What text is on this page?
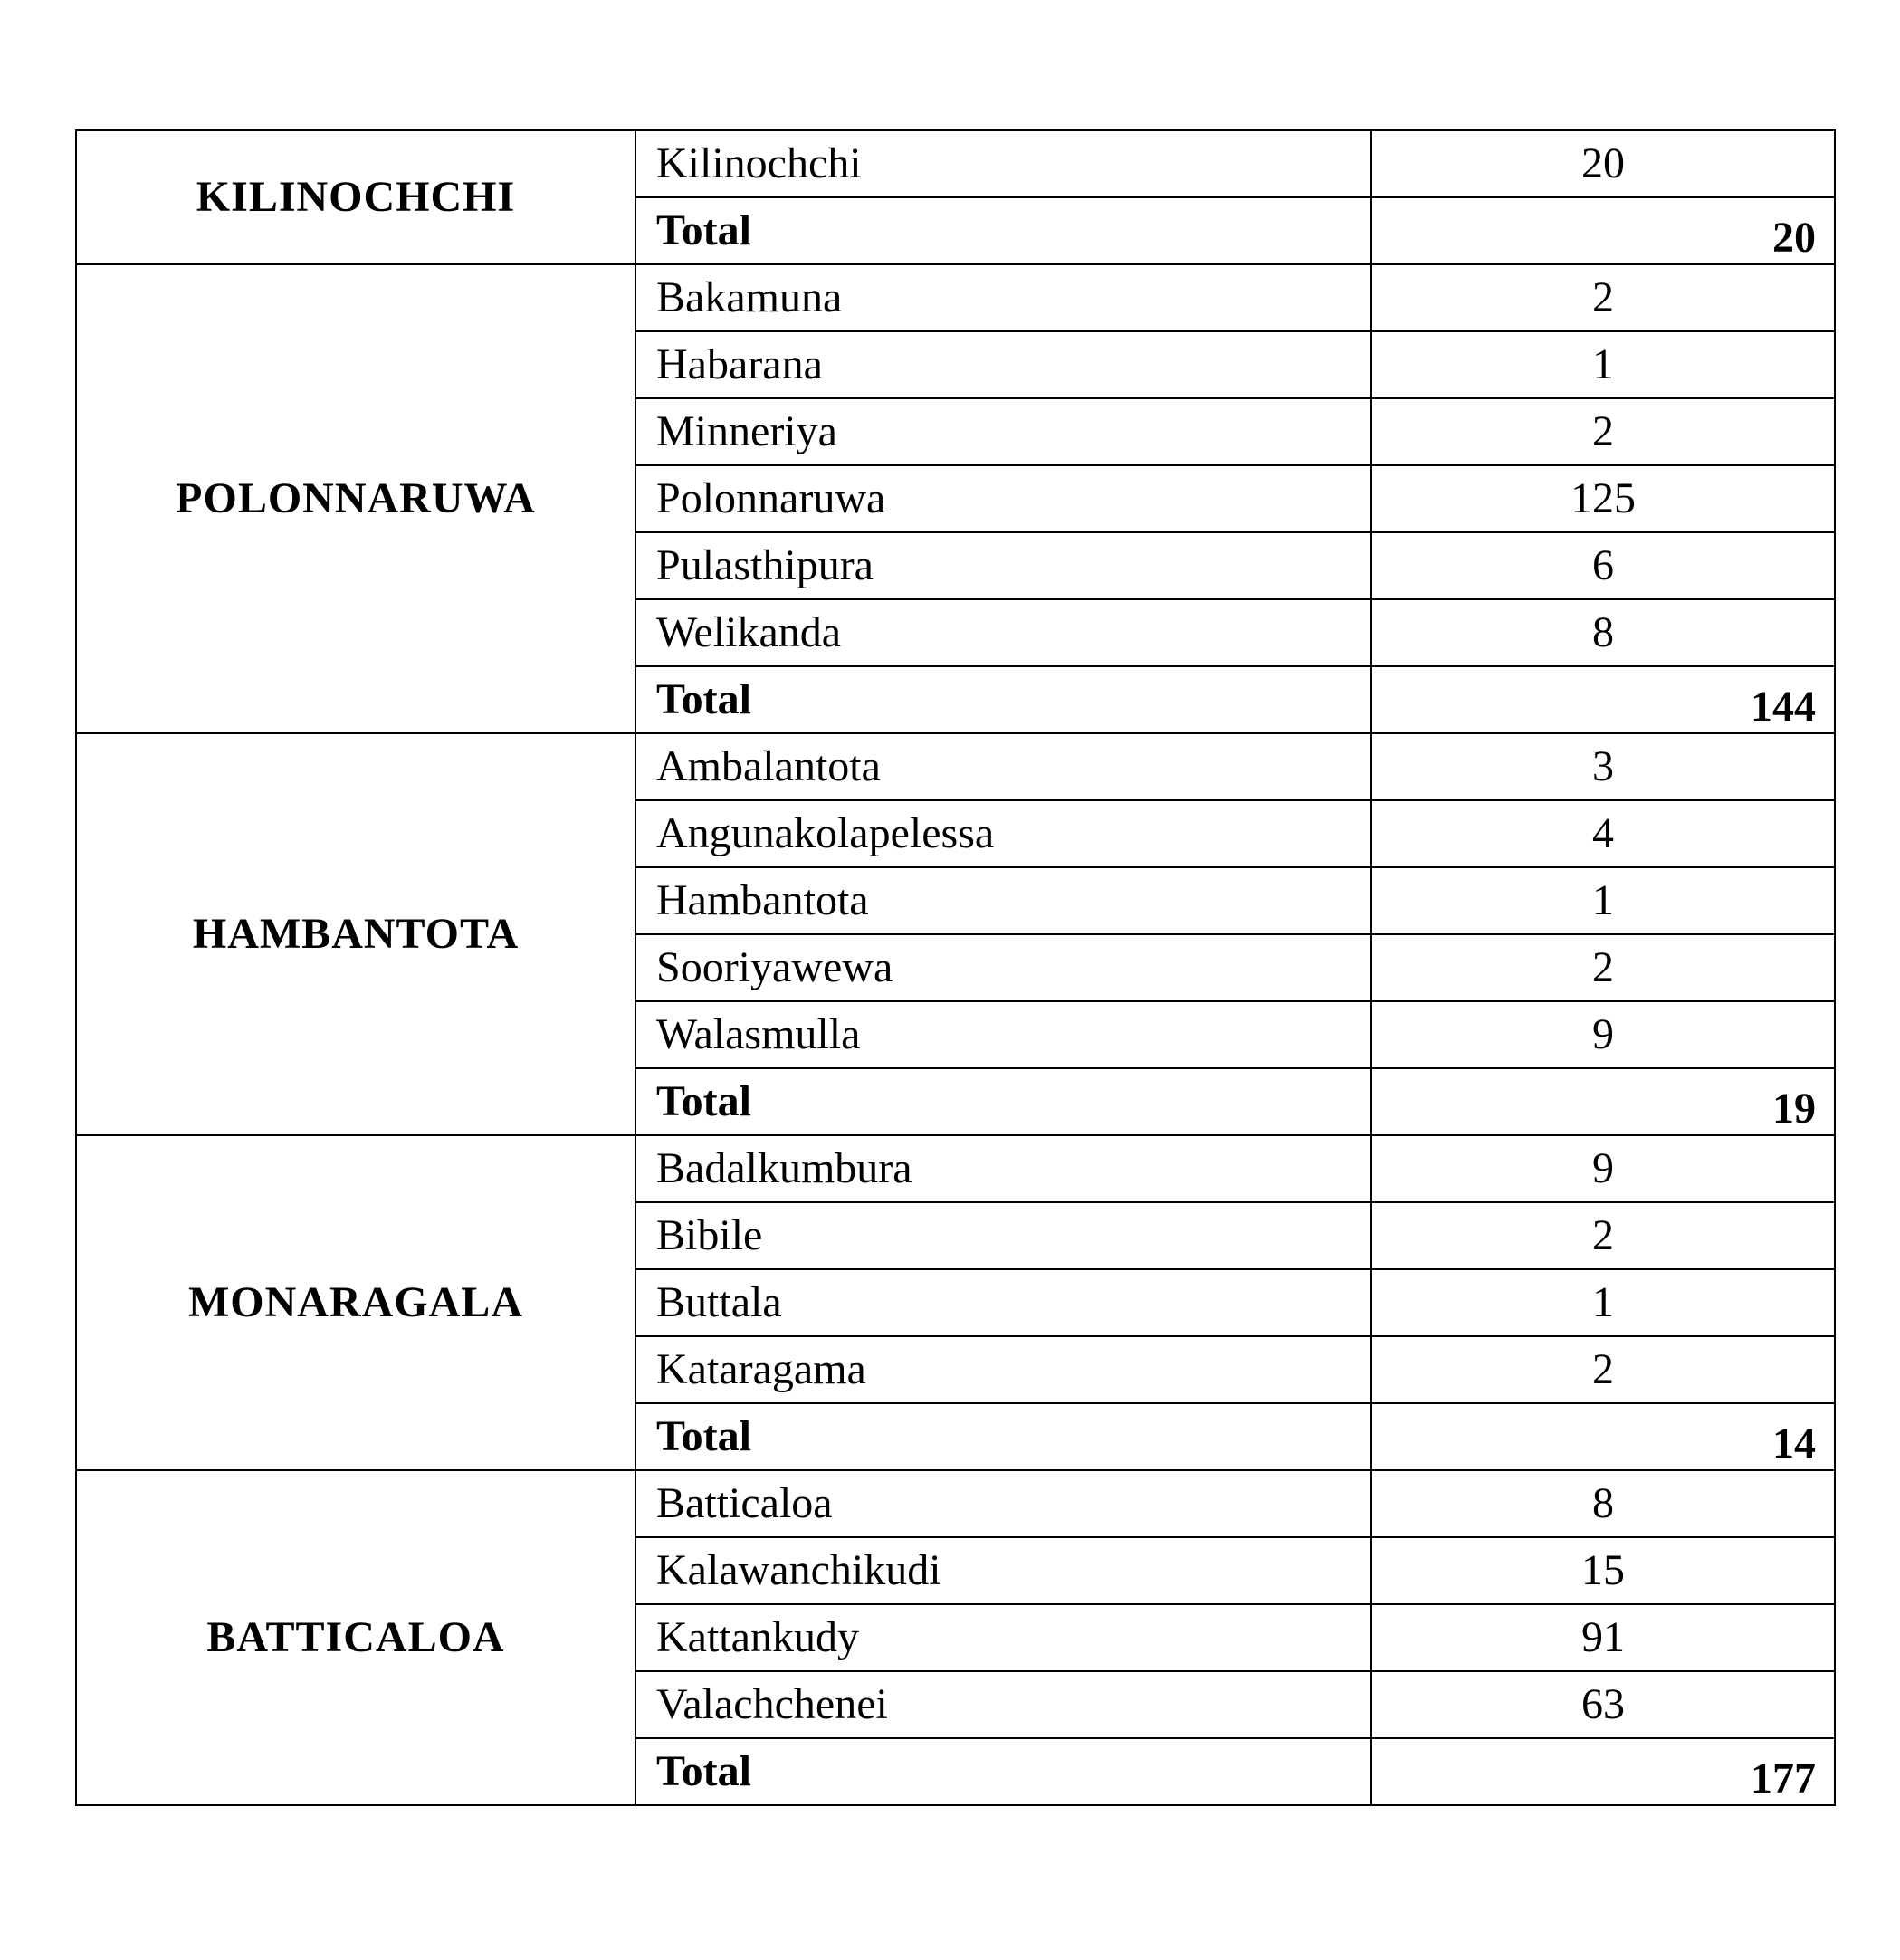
KILINOCHCHI	Kilinochchi	20
	Total	20
POLONNARUWA	Bakamuna	2
	Habarana	1
	Minneriya	2
	Polonnaruwa	125
	Pulasthipura	6
	Welikanda	8
	Total	144
HAMBANTOTA	Ambalantota	3
	Angunakolapelessa	4
	Hambantota	1
	Sooriyawewa	2
	Walasmulla	9
	Total	19
MONARAGALA	Badalkumbura	9
	Bibile	2
	Buttala	1
	Kataragama	2
	Total	14
BATTICALOA	Batticaloa	8
	Kalawanchikudi	15
	Kattankudy	91
	Valachchenei	63
	Total	177
